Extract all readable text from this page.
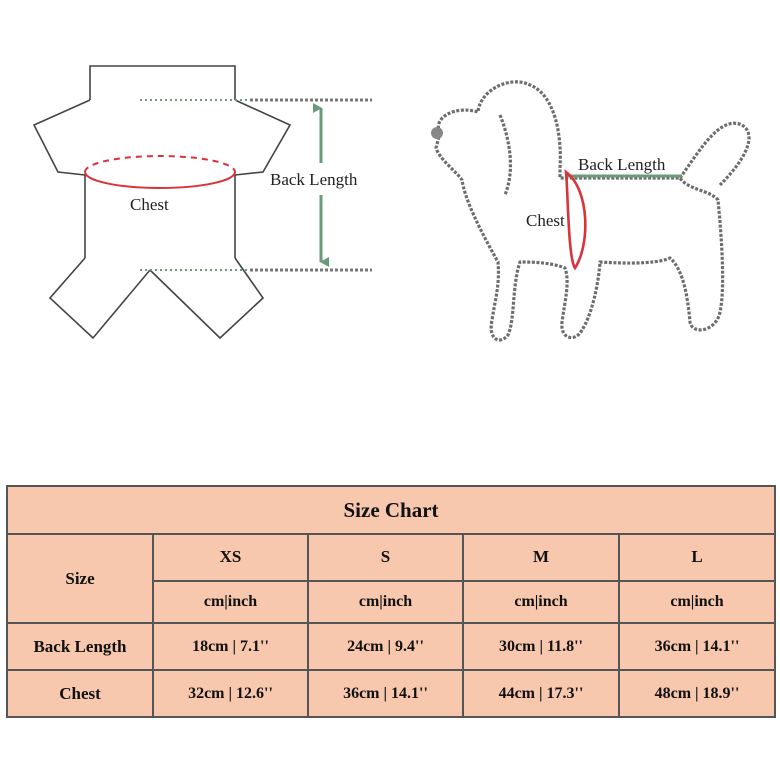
Chest
Back Length
Back Length
Chest
Size Chart				
Size	XS	S	M	L
	cm|inch	cm|inch	cm|inch	cm|inch
Back Length	18cm | 7.1''	24cm | 9.4''	30cm | 11.8''	36cm | 14.1''
Chest	32cm | 12.6''	36cm | 14.1''	44cm | 17.3''	48cm | 18.9''
